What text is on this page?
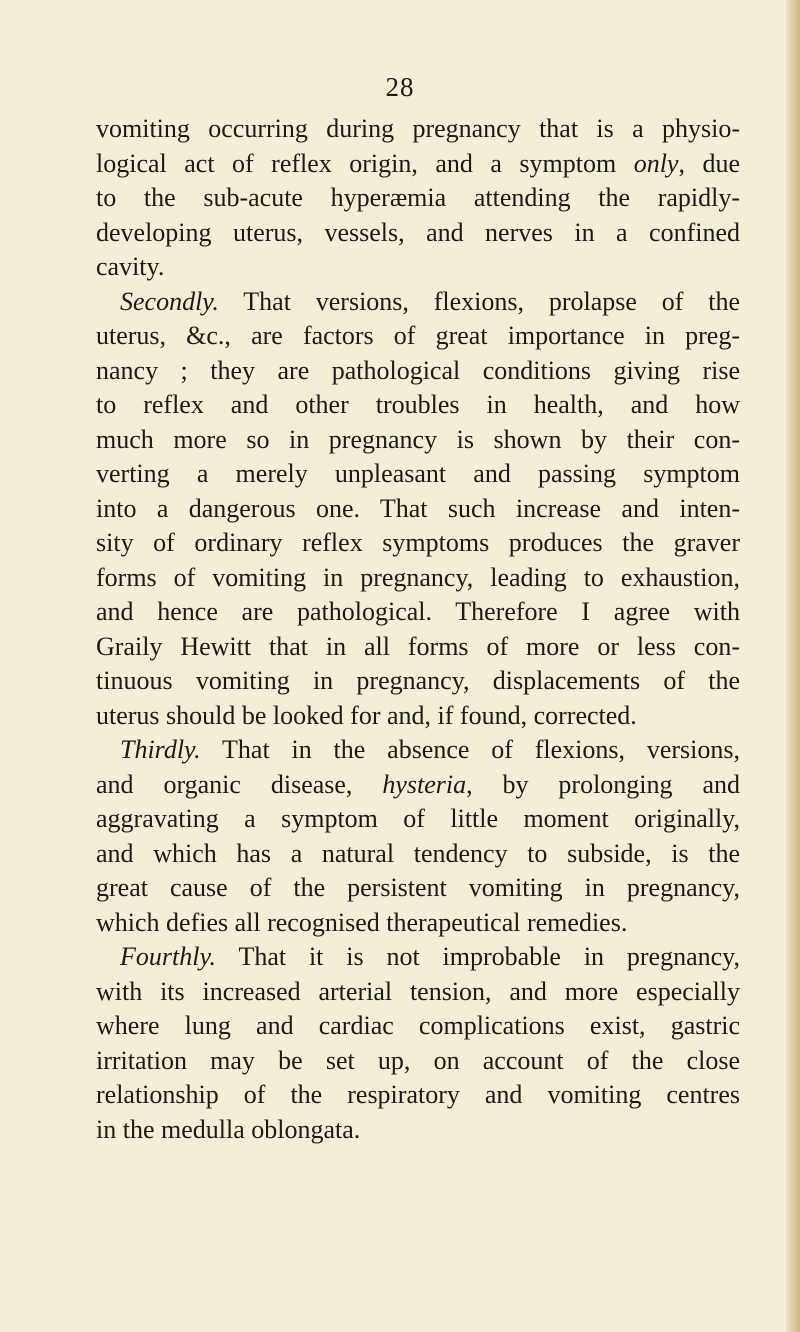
28
vomiting occurring during pregnancy that is a physio-
logical act of reflex origin, and a symptom only, due
to the sub-acute hyperæmia attending the rapidly-
developing uterus, vessels, and nerves in a confined
cavity.
Secondly. That versions, flexions, prolapse of the
uterus, &c., are factors of great importance in preg-
nancy ; they are pathological conditions giving rise
to reflex and other troubles in health, and how
much more so in pregnancy is shown by their con-
verting a merely unpleasant and passing symptom
into a dangerous one. That such increase and inten-
sity of ordinary reflex symptoms produces the graver
forms of vomiting in pregnancy, leading to exhaustion,
and hence are pathological. Therefore I agree with
Graily Hewitt that in all forms of more or less con-
tinuous vomiting in pregnancy, displacements of the
uterus should be looked for and, if found, corrected.
Thirdly. That in the absence of flexions, versions,
and organic disease, hysteria, by prolonging and
aggravating a symptom of little moment originally,
and which has a natural tendency to subside, is the
great cause of the persistent vomiting in pregnancy,
which defies all recognised therapeutical remedies.
Fourthly. That it is not improbable in pregnancy,
with its increased arterial tension, and more especially
where lung and cardiac complications exist, gastric
irritation may be set up, on account of the close
relationship of the respiratory and vomiting centres
in the medulla oblongata.
